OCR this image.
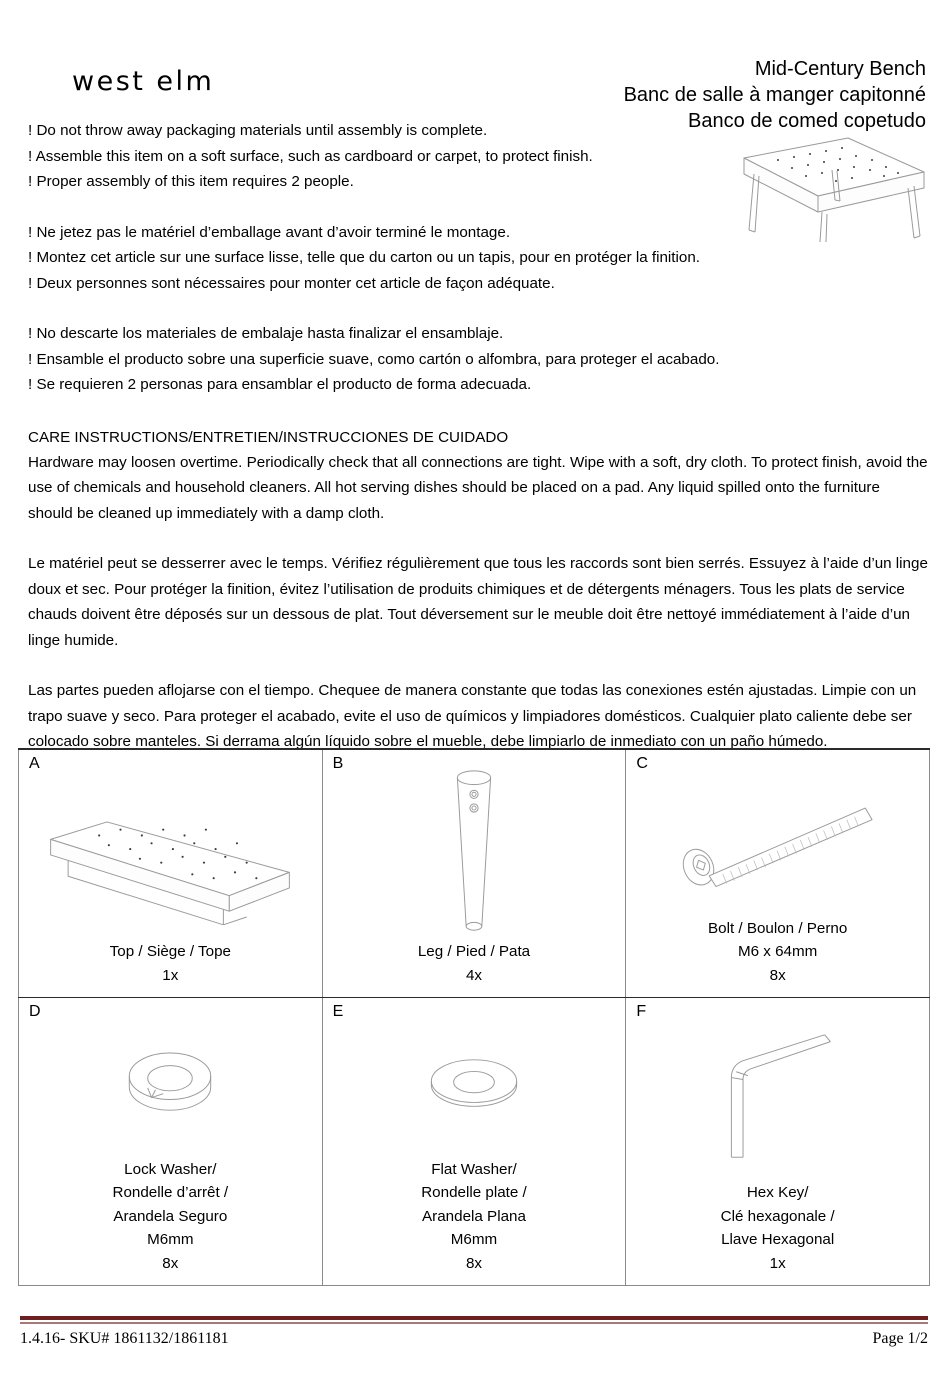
west elm	Mid-Century Bench
Banc de salle à manger capitonné
Banco de comed copetudo
! Do not throw away packaging materials until assembly is complete.
! Assemble this item on a soft surface, such as cardboard or carpet, to protect finish.
! Proper assembly of this item requires 2 people.
! Ne jetez pas le matériel d’emballage avant d’avoir terminé le montage.
! Montez cet article sur une surface lisse, telle que du carton ou un tapis, pour en protéger la finition.
! Deux personnes sont nécessaires pour monter cet article de façon adéquate.
! No descarte los materiales de embalaje hasta finalizar el ensamblaje.
! Ensamble el producto sobre una superficie suave, como cartón o alfombra, para proteger el acabado.
! Se requieren 2 personas para ensamblar el producto de forma adecuada.
CARE INSTRUCTIONS/ENTRETIEN/INSTRUCCIONES DE CUIDADO

Hardware may loosen overtime. Periodically check that all connections are tight. Wipe with a soft, dry cloth. To protect finish, avoid the use of chemicals and household cleaners. All hot serving dishes should be placed on a pad. Any liquid spilled onto the furniture should be cleaned up immediately with a damp cloth.

Le matériel peut se desserrer avec le temps. Vérifiez régulièrement que tous les raccords sont bien serrés. Essuyez à l’aide d’un linge doux et sec. Pour protéger la finition, évitez l’utilisation de produits chimiques et de détergents ménagers. Tous les plats de service chauds doivent être déposés sur un dessous de plat. Tout déversement sur le meuble doit être nettoyé immédiatement à l’aide d’un linge humide.

Las partes pueden aflojarse con el tiempo. Chequee de manera constante que todas las conexiones estén ajustadas. Limpie con un trapo suave y seco. Para proteger el acabado, evite el uso de químicos y limpiadores domésticos. Cualquier plato caliente debe ser colocado sobre manteles. Si derrama algún líquido sobre el mueble, debe limpiarlo de inmediato con un paño húmedo.

A
Top / Siège / Tope
1x

B
Leg / Pied / Pata
4x

C
Bolt / Boulon / Perno
M6 x 64mm
8x

D
Lock Washer/
Rondelle d’arrêt /
Arandela Seguro
M6mm
8x

E
Flat Washer/
Rondelle plate /
Arandela Plana
M6mm
8x

F
Hex Key/
Clé hexagonale /
Llave Hexagonal
1x
1.4.16- SKU# 1861132/1861181	Page 1/2
